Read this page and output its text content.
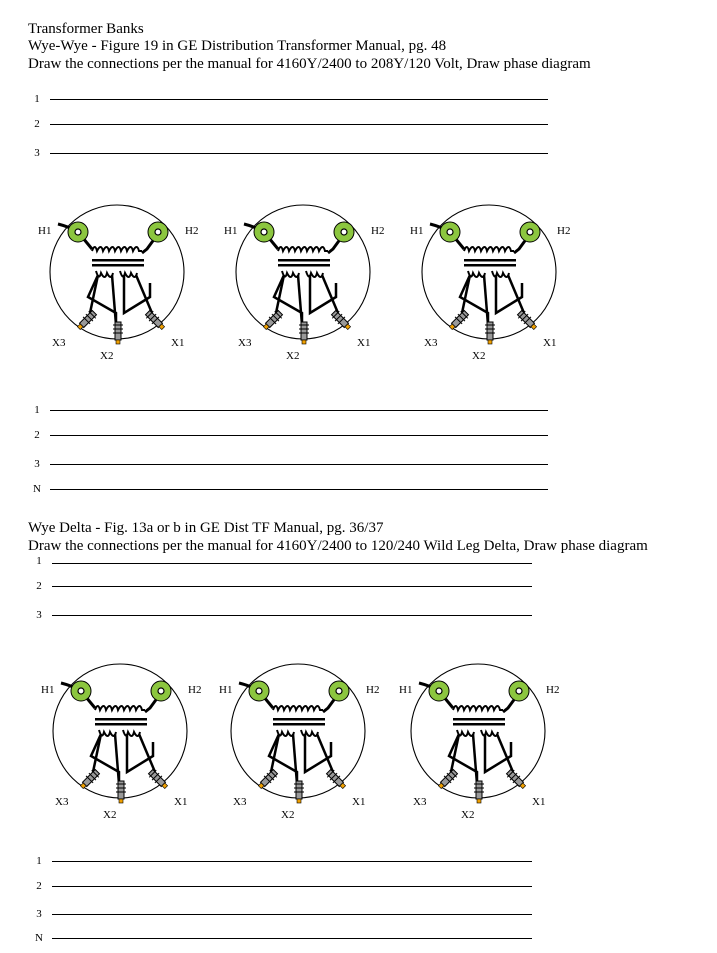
Transformer Banks
Wye-Wye - Figure 19 in GE Distribution Transformer Manual, pg. 48
Draw the connections per the manual for 4160Y/2400 to 208Y/120 Volt, Draw phase diagram
1
2
3
H1	H2
X3
X2
X1
H1	H2
X3
X2
X1
H1	H2
X3
X2
X1
1
2
3
N
Wye Delta - Fig. 13a or b in GE Dist TF Manual, pg. 36/37
Draw the connections per the manual for 4160Y/2400 to 120/240 Wild Leg Delta, Draw phase diagram
1
2
3
H1	H2
X3
X2
X1
H1	H2
X3
X2
X1
H1	H2
X3
X2
X1
1
2
3
N
